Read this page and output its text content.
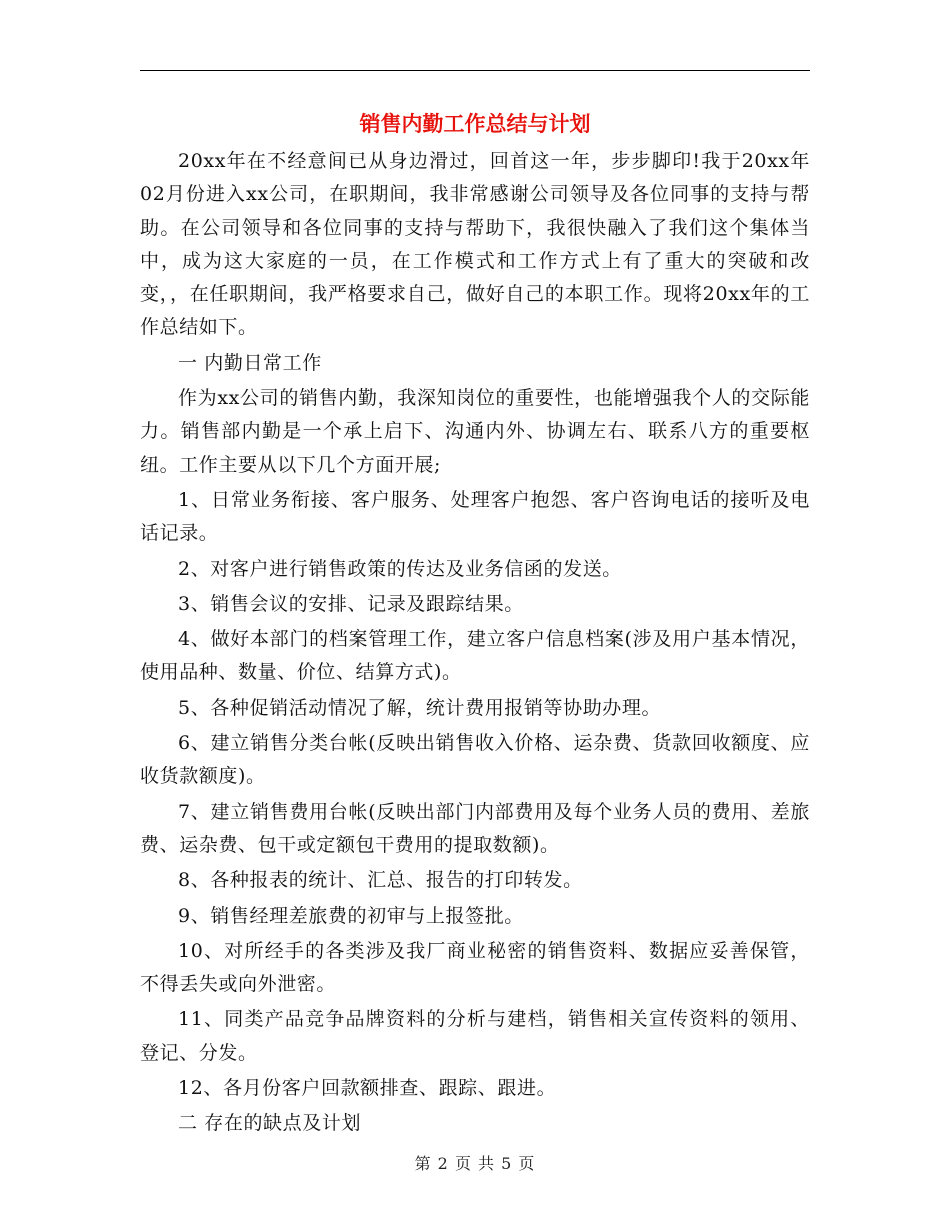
销售内勤工作总结与计划

20xx年在不经意间已从身边滑过，回首这一年，步步脚印!我于20xx年02月份进入xx公司，在职期间，我非常感谢公司领导及各位同事的支持与帮助。在公司领导和各位同事的支持与帮助下，我很快融入了我们这个集体当中，成为这大家庭的一员，在工作模式和工作方式上有了重大的突破和改变，，在任职期间，我严格要求自己，做好自己的本职工作。现将20xx年的工作总结如下。

一 内勤日常工作

作为xx公司的销售内勤，我深知岗位的重要性，也能增强我个人的交际能力。销售部内勤是一个承上启下、沟通内外、协调左右、联系八方的重要枢纽。工作主要从以下几个方面开展;

1、日常业务衔接、客户服务、处理客户抱怨、客户咨询电话的接听及电话记录。

2、对客户进行销售政策的传达及业务信函的发送。

3、销售会议的安排、记录及跟踪结果。

4、做好本部门的档案管理工作，建立客户信息档案(涉及用户基本情况，使用品种、数量、价位、结算方式)。

5、各种促销活动情况了解，统计费用报销等协助办理。

6、建立销售分类台帐(反映出销售收入价格、运杂费、货款回收额度、应收货款额度)。

7、建立销售费用台帐(反映出部门内部费用及每个业务人员的费用、差旅费、运杂费、包干或定额包干费用的提取数额)。

8、各种报表的统计、汇总、报告的打印转发。

9、销售经理差旅费的初审与上报签批。

10、对所经手的各类涉及我厂商业秘密的销售资料、数据应妥善保管，不得丢失或向外泄密。

11、同类产品竞争品牌资料的分析与建档，销售相关宣传资料的领用、登记、分发。

12、各月份客户回款额排查、跟踪、跟进。

二 存在的缺点及计划

第 2 页 共 5 页
